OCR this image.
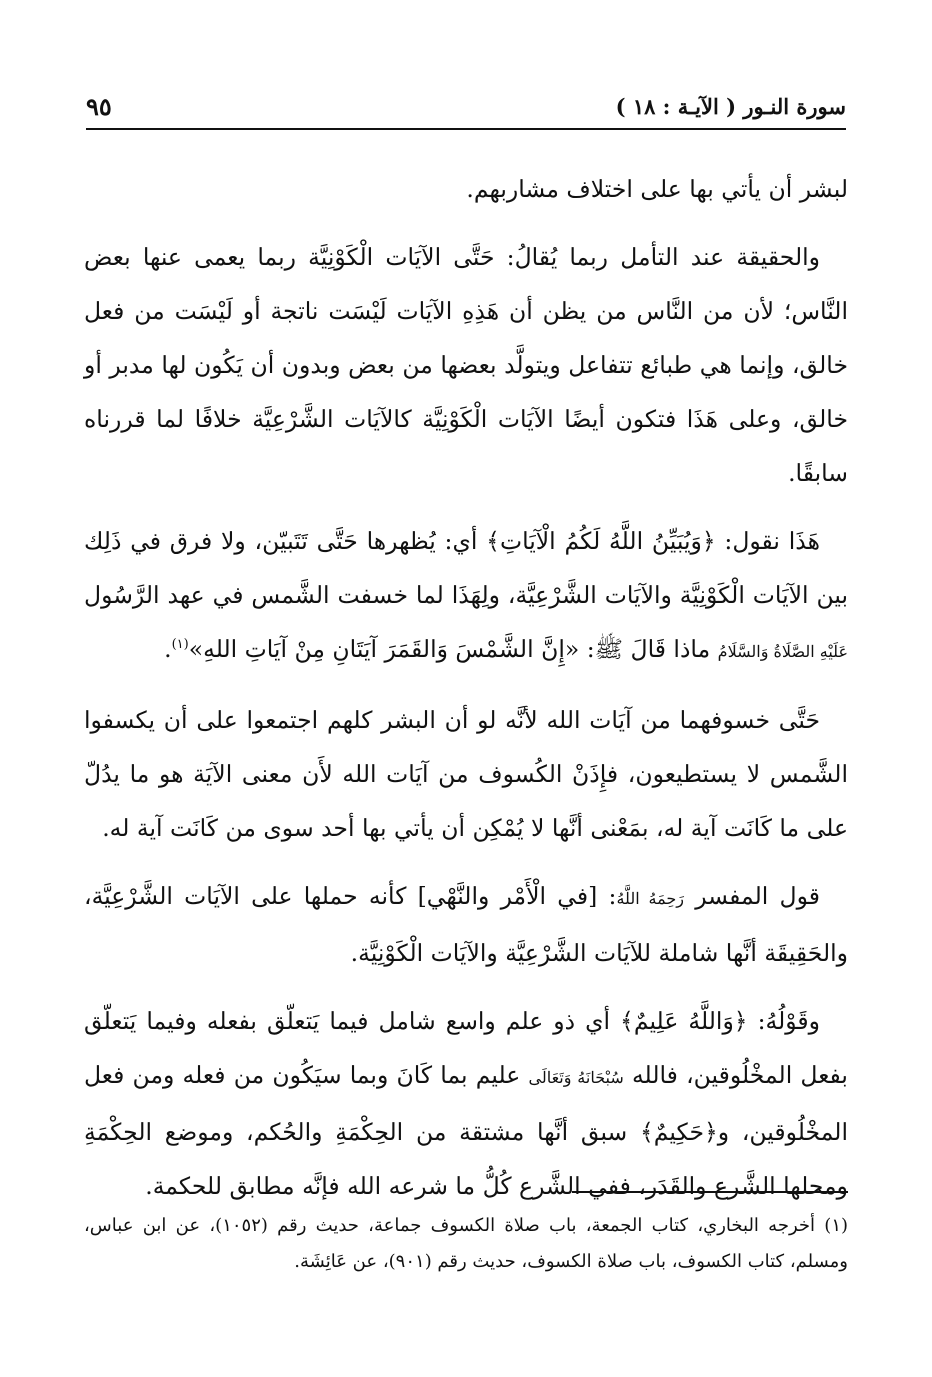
سورة النـور ( الآيـة : ١٨ )
٩٥

لبشر أن يأتي بها على اختلاف مشاربهم.

والحقيقة عند التأمل ربما يُقالُ: حَتَّى الآيَات الْكَوْنِيَّة ربما يعمى عنها بعض النَّاس؛ لأن من النَّاس من يظن أن هَذِهِ الآيَات لَيْسَت ناتجة أو لَيْسَت من فعل خالق، وإنما هي طبائع تتفاعل ويتولَّد بعضها من بعض وبدون أن يَكُون لها مدبر أو خالق، وعلى هَذَا فتكون أيضًا الآيَات الْكَوْنِيَّة كالآيَات الشَّرْعِيَّة خلافًا لما قررناه سابقًا.

هَذَا نقول: ﴿وَيُبَيِّنُ اللَّهُ لَكُمُ الْآيَاتِ﴾ أي: يُظهرها حَتَّى تَتَبيّن، ولا فرق في ذَلِك بين الآيَات الْكَوْنِيَّة والآيَات الشَّرْعِيَّة، ولِهَذَا لما خسفت الشَّمس في عهد الرَّسُول عَلَيْهِ الصَّلَاةُ وَالسَّلَامُ ماذا قَالَ ﷺ: «إِنَّ الشَّمْسَ وَالقَمَرَ آيَتَانِ مِنْ آيَاتِ اللهِ»$^{(١)}$.

حَتَّى خسوفهما من آيَات الله لأنَّه لو أن البشر كلهم اجتمعوا على أن يكسفوا الشَّمس لا يستطيعون، فإِذَنْ الكُسوف من آيَات الله لأَن معنى الآيَة هو ما يدُلّ على ما كَانَت آية له، بمَعْنى أنَّها لا يُمْكِن أن يأتي بها أحد سوى من كَانَت آية له.

قول المفسر رَحِمَهُ اللَّهُ: [في الْأَمْر والنَّهْي] كأنه حملها على الآيَات الشَّرْعِيَّة، والحَقِيقَة أنَّها شاملة للآيَات الشَّرْعِيَّة والآيَات الْكَوْنِيَّة.

وقَوْلُهُ: ﴿وَاللَّهُ عَلِيمٌ﴾ أي ذو علم واسع شامل فيما يَتعلّق بفعله وفيما يَتعلّق بفعل المخْلُوقين، فالله سُبْحَانَهُ وَتَعَالَى عليم بما كَانَ وبما سيَكُون من فعله ومن فعل المخْلُوقين، و﴿حَكِيمٌ﴾ سبق أنَّها مشتقة من الحِكْمَةِ والحُكم، وموضع الحِكْمَةِ ومحلها الشَّرع والقَدَر، ففي الشَّرع كُلُّ ما شرعه الله فإنَّه مطابق للحكمة.

(١) أخرجه البخاري، كتاب الجمعة، باب صلاة الكسوف جماعة، حديث رقم (١٠٥٢)، عن ابن عباس، ومسلم، كتاب الكسوف، باب صلاة الكسوف، حديث رقم (٩٠١)، عن عَائِشَة.
